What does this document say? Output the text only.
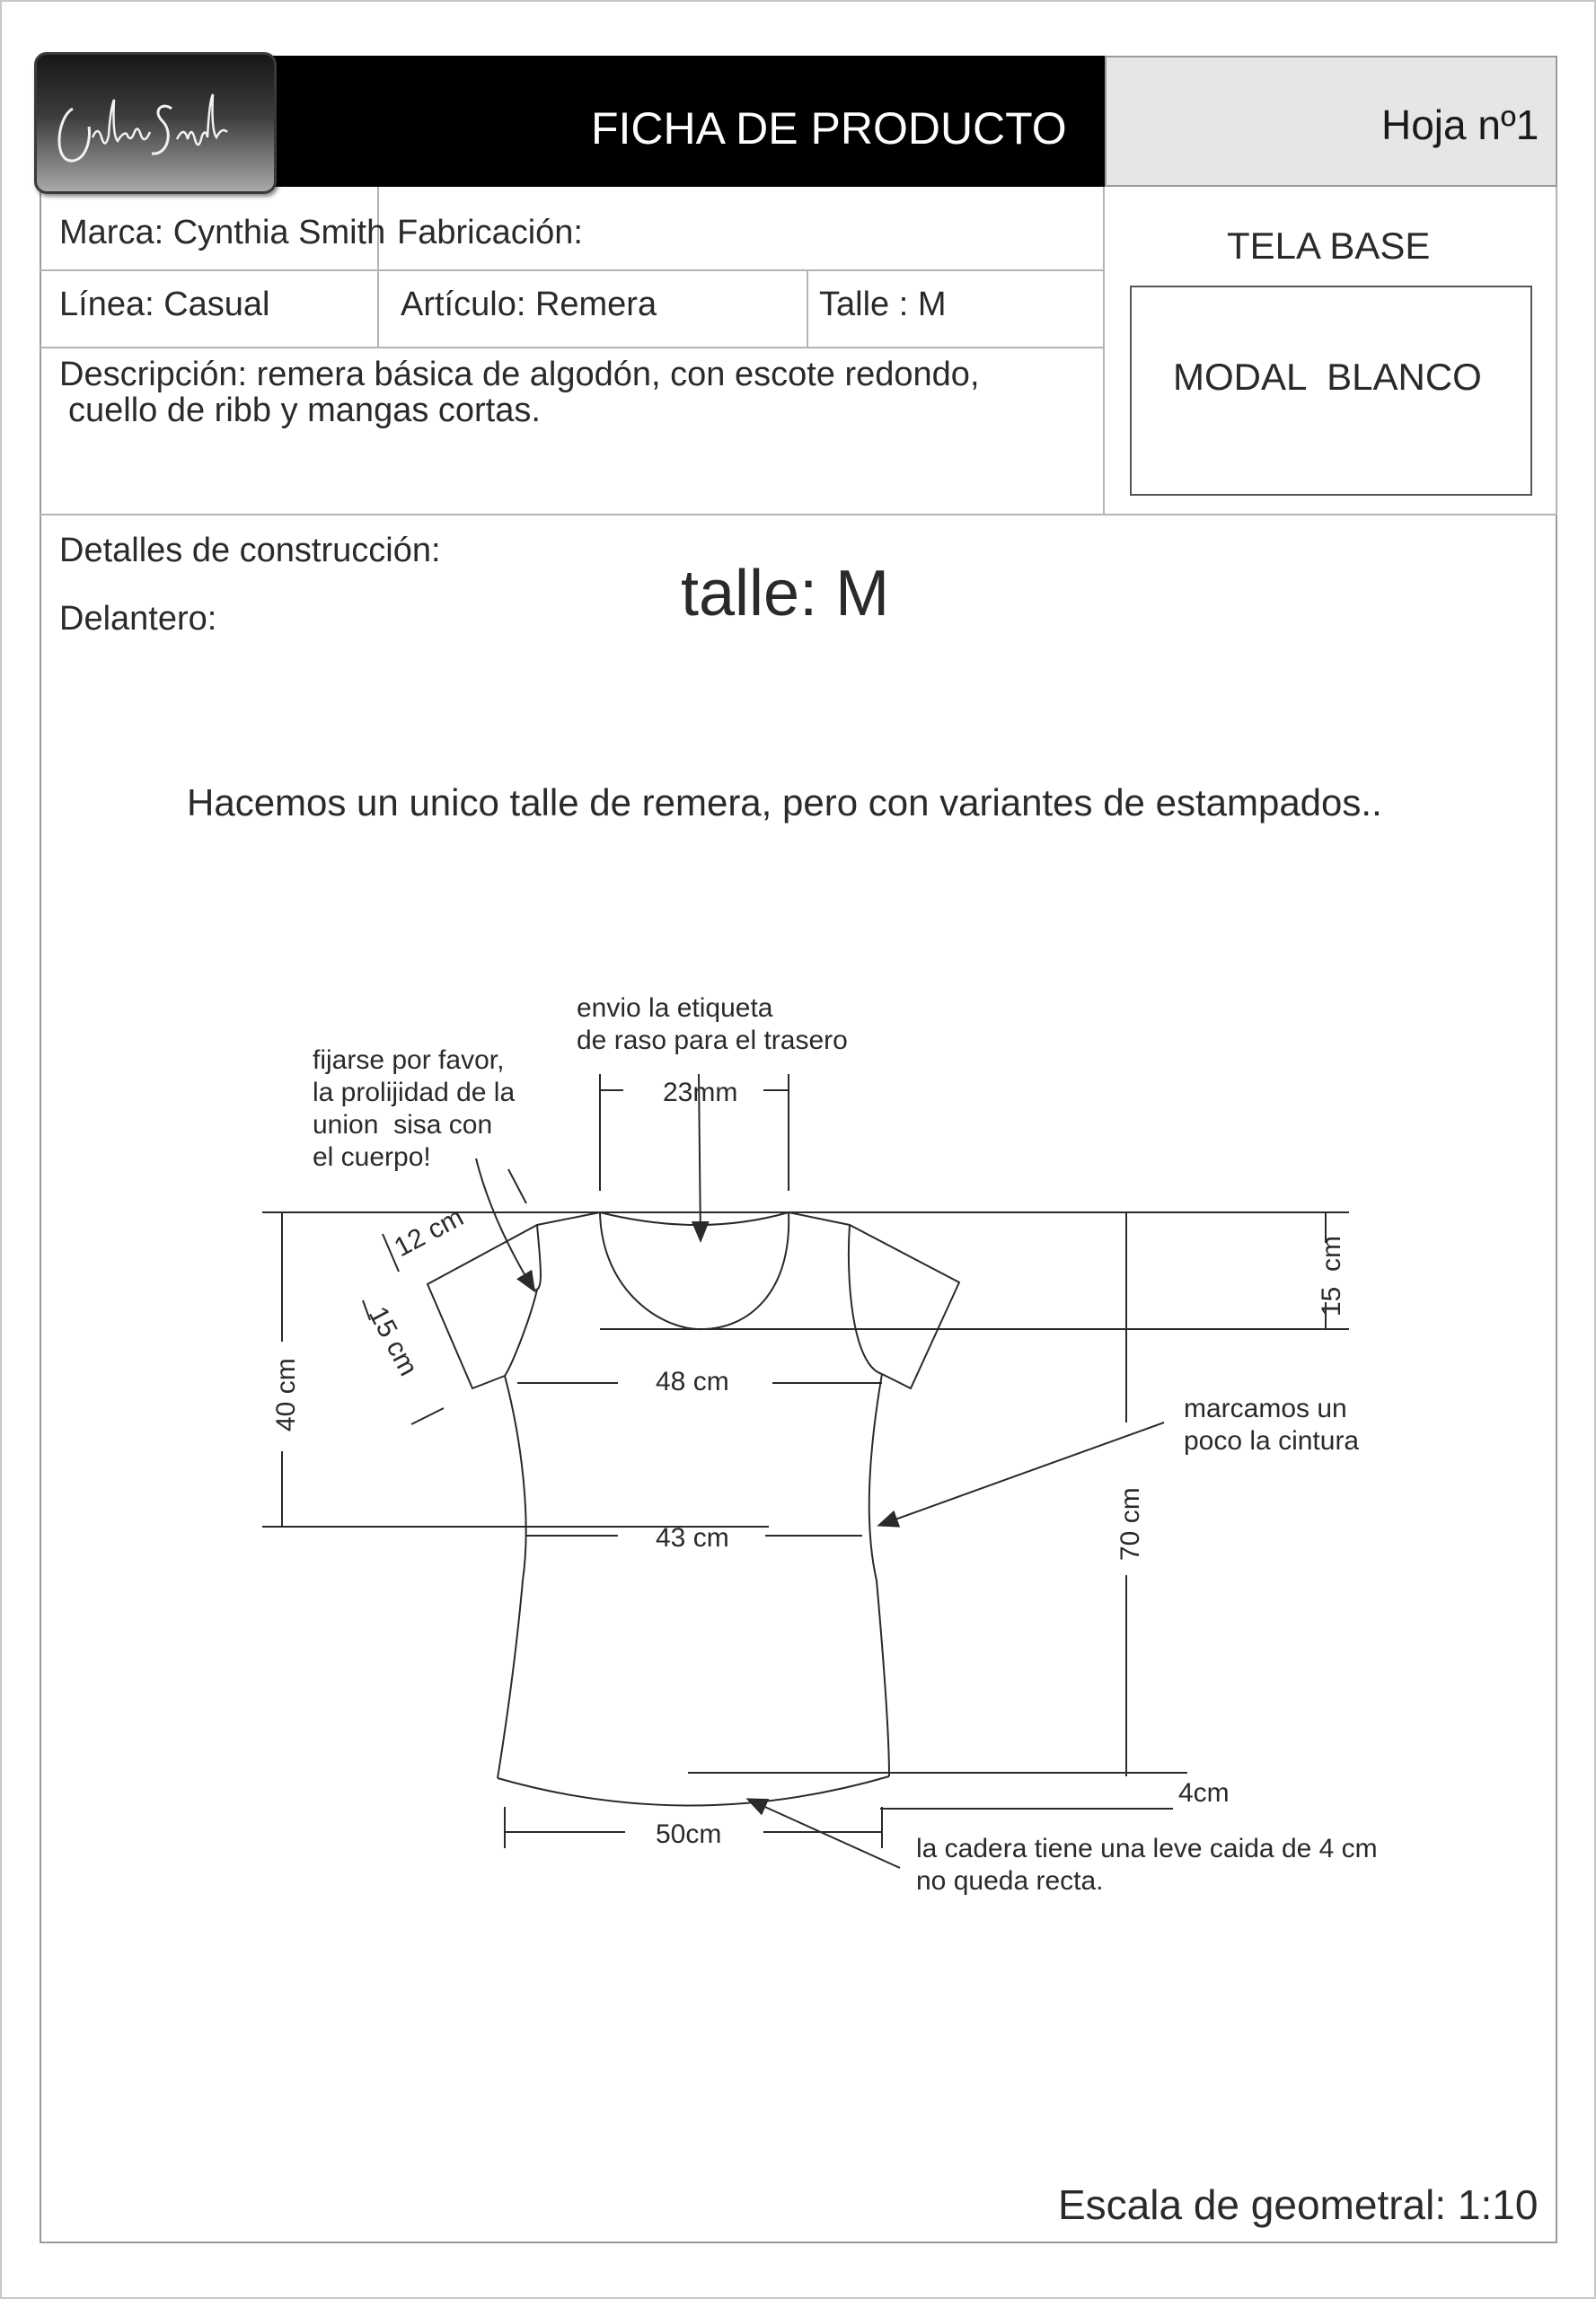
FICHA DE PRODUCTO	Hoja nº1
Marca: Cynthia Smith Fabricación:
Línea: Casual	Artículo: Remera	Talle : M
Descripción: remera básica de algodón, con escote redondo,
cuello de ribb y mangas cortas.
TELA BASE
MODAL  BLANCO
Detalles de construcción:
Delantero:	talle: M
Hacemos un unico talle de remera, pero con variantes de estampados..
envio la etiqueta
de raso para el trasero
23mm
fijarse por favor,
la prolijidad de la
union  sisa con
el cuerpo!
12 cm
15 cm
15  cm
40 cm	48 cm
43 cm	70 cm
marcamos un
poco la cintura
4cm
50cm	la cadera tiene una leve caida de 4 cm
no queda recta.
Escala de geometral: 1:10
